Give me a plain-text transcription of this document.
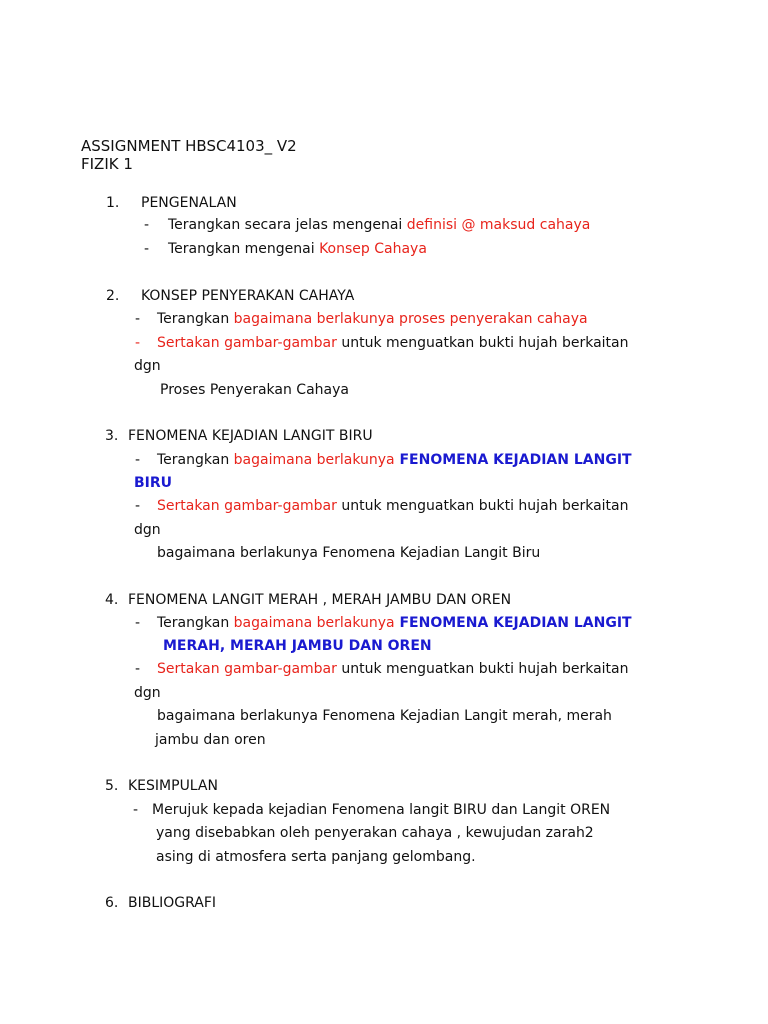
ASSIGNMENT HBSC4103_ V2
FIZIK 1
1. PENGENALAN
- Terangkan secara jelas mengenai definisi @ maksud cahaya
- Terangkan mengenai Konsep Cahaya
2. KONSEP PENYERAKAN CAHAYA
- Terangkan bagaimana berlakunya proses penyerakan cahaya
- Sertakan gambar-gambar untuk menguatkan bukti hujah berkaitan
dgn
Proses Penyerakan Cahaya
3. FENOMENA KEJADIAN LANGIT BIRU
- Terangkan bagaimana berlakunya FENOMENA KEJADIAN LANGIT
BIRU
- Sertakan gambar-gambar untuk menguatkan bukti hujah berkaitan
dgn
bagaimana berlakunya Fenomena Kejadian Langit Biru
4. FENOMENA LANGIT MERAH , MERAH JAMBU DAN OREN
- Terangkan bagaimana berlakunya FENOMENA KEJADIAN LANGIT
MERAH, MERAH JAMBU DAN OREN
- Sertakan gambar-gambar untuk menguatkan bukti hujah berkaitan
dgn
bagaimana berlakunya Fenomena Kejadian Langit merah, merah
jambu dan oren
5. KESIMPULAN
- Merujuk kepada kejadian Fenomena langit BIRU dan Langit OREN
yang disebabkan oleh penyerakan cahaya , kewujudan zarah2
asing di atmosfera serta panjang gelombang.
6. BIBLIOGRAFI
